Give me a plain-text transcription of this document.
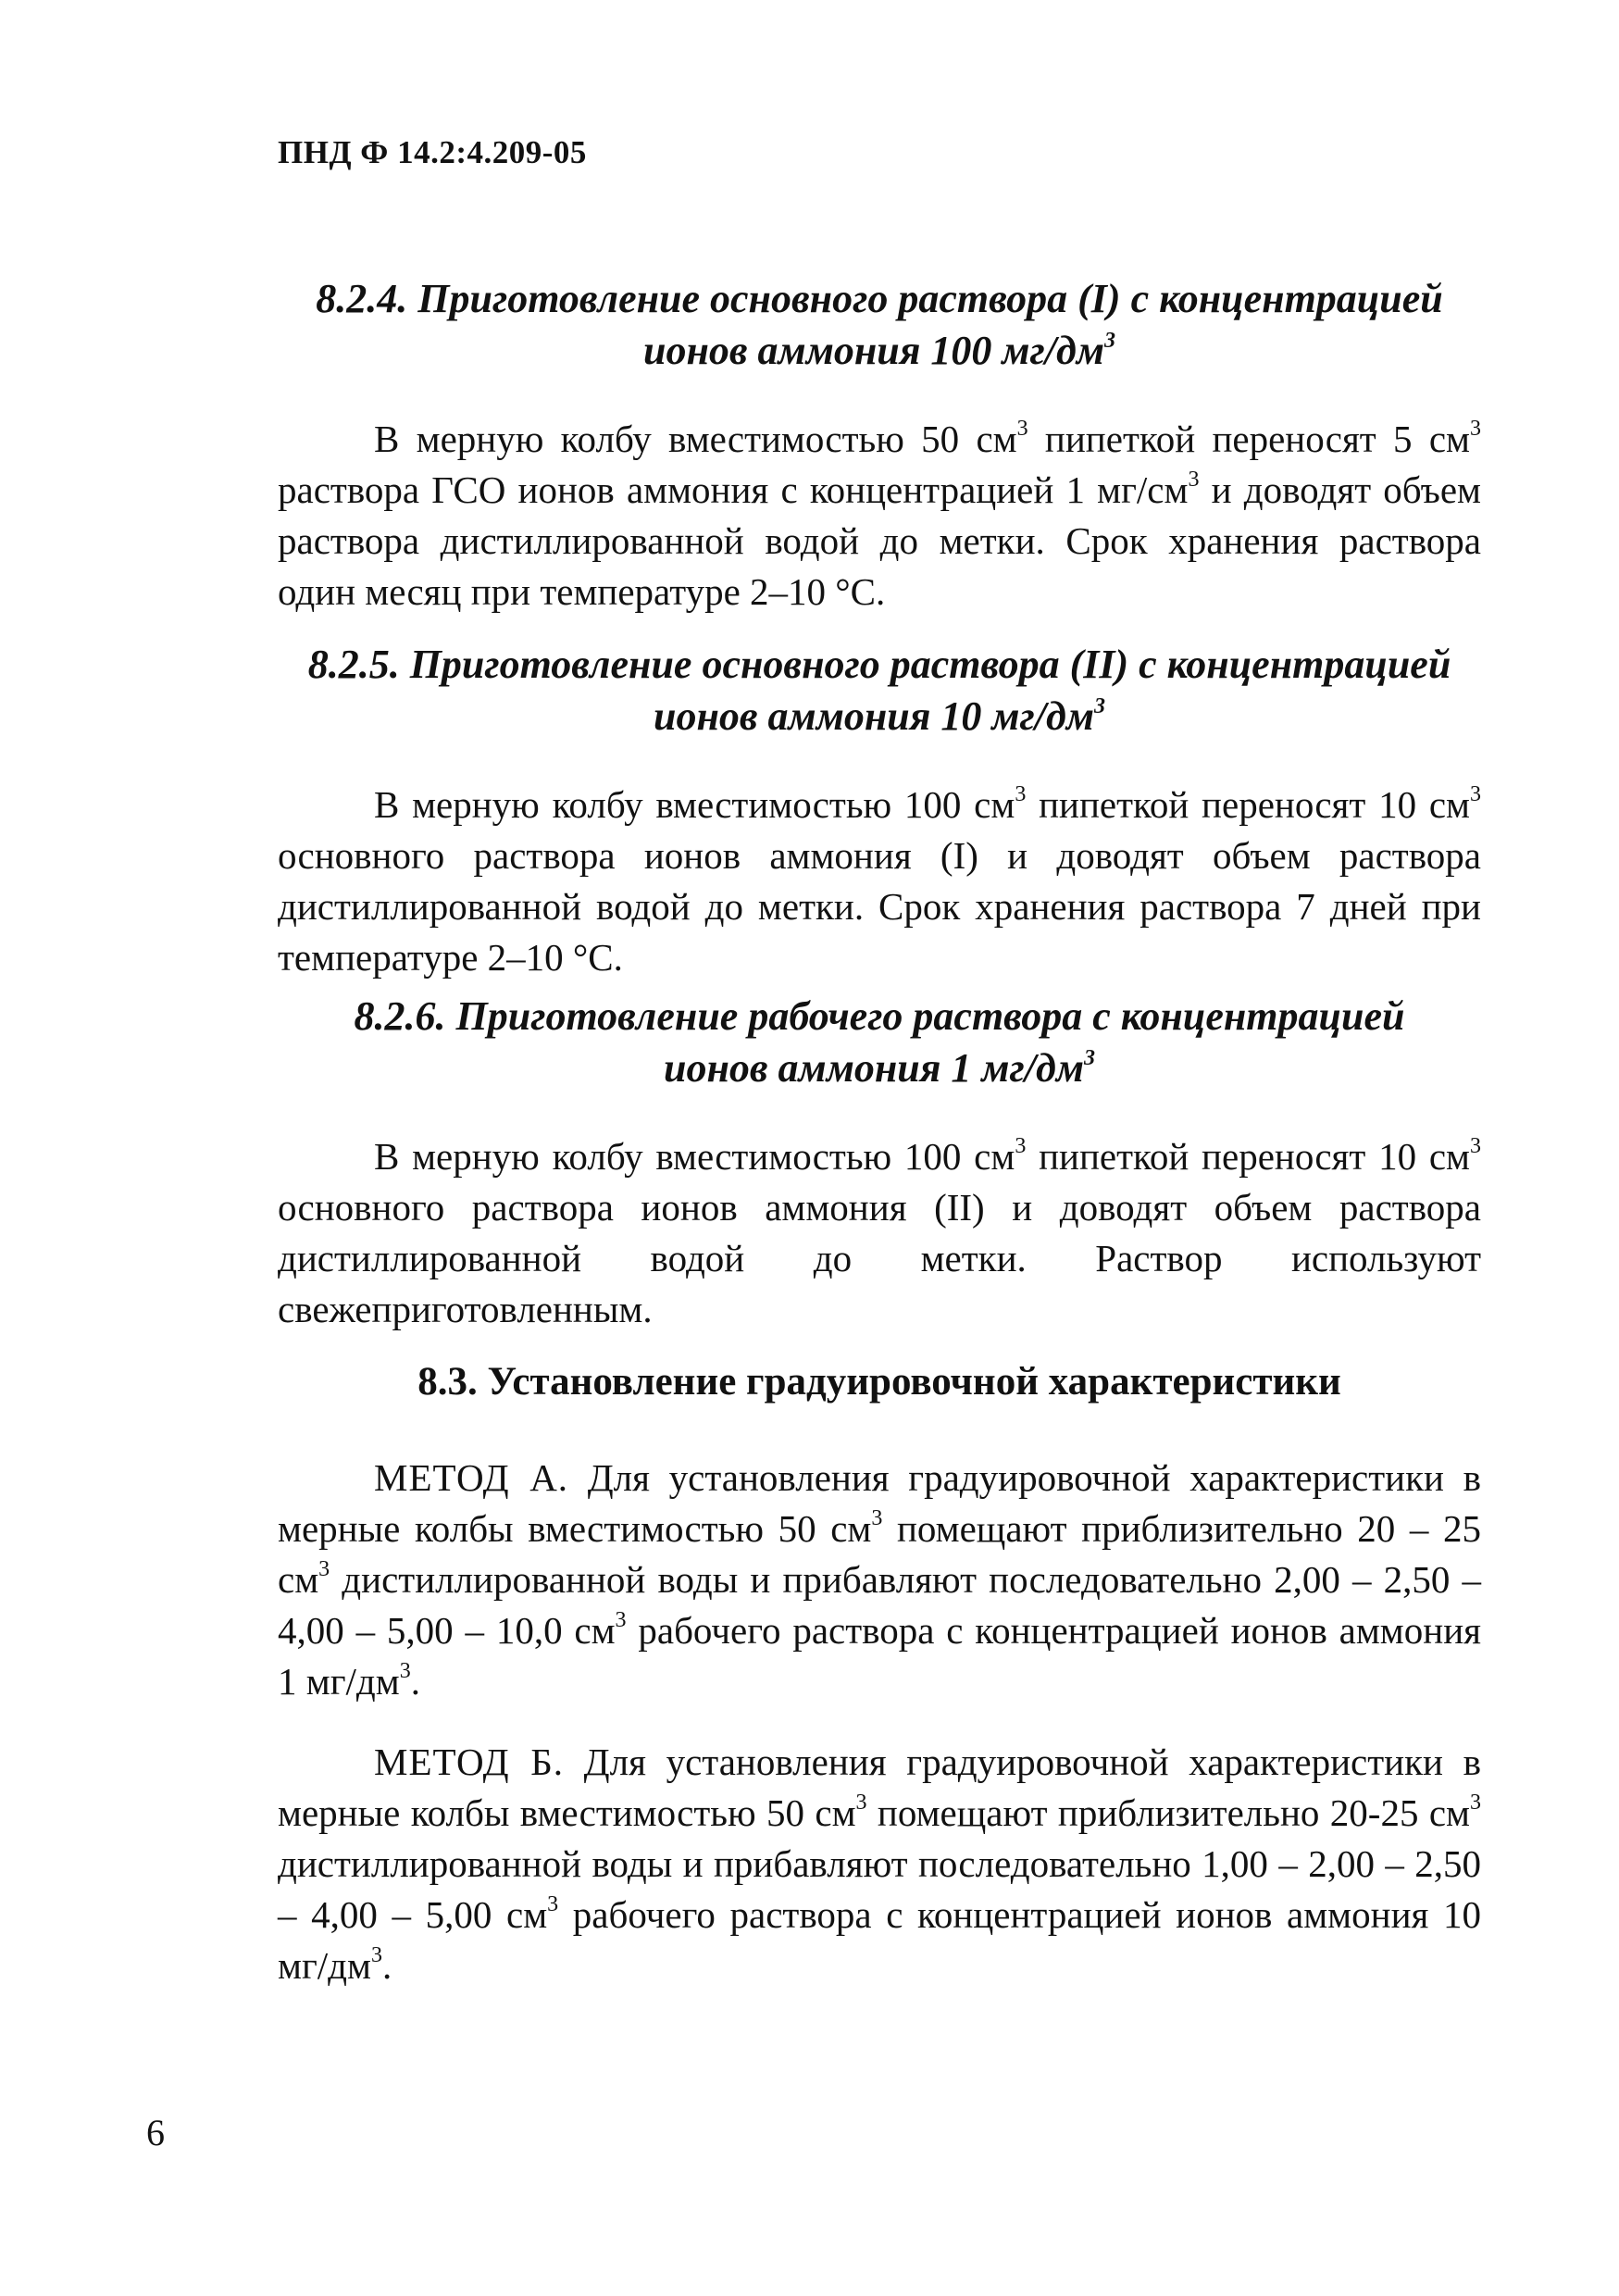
ПНД Ф 14.2:4.209-05
8.2.4. Приготовление основного раствора (I) с концентрацией
ионов аммония 100 $мг/дм^3$

В мерную колбу вместимостью 50 $см^3$ пипеткой переносят 5 $см^3$ раствора ГСО ионов аммония с концентрацией 1 $мг/см^3$ и доводят объем раствора дистиллированной водой до метки. Срок хранения раствора один месяц при температуре 2–10 °С.

8.2.5. Приготовление основного раствора (II) с концентрацией
ионов аммония 10 $мг/дм^3$

В мерную колбу вместимостью 100 $см^3$ пипеткой переносят 10 $см^3$ основного раствора ионов аммония (I) и доводят объем раствора дистиллированной водой до метки. Срок хранения раствора 7 дней при температуре 2–10 °С.

8.2.6. Приготовление рабочего раствора с концентрацией
ионов аммония 1 $мг/дм^3$

В мерную колбу вместимостью 100 $см^3$ пипеткой переносят 10 $см^3$ основного раствора ионов аммония (II) и доводят объем раствора дистиллированной водой до метки. Раствор используют свежеприготовленным.

8.3. Установление градуировочной характеристики

МЕТОД А. Для установления градуировочной характеристики в мерные колбы вместимостью 50 $см^3$ помещают приблизительно 20 – 25 $см^3$ дистиллированной воды и прибавляют последовательно 2,00 – 2,50 – 4,00 – 5,00 – 10,0 $см^3$ рабочего раствора с концентрацией ионов аммония 1 $мг/дм^3$.

МЕТОД Б. Для установления градуировочной характеристики в мерные колбы вместимостью 50 $см^3$ помещают приблизительно 20-25 $см^3$ дистиллированной воды и прибавляют последовательно 1,00 – 2,00 – 2,50 – 4,00 – 5,00 $см^3$ рабочего раствора с концентрацией ионов аммония 10 $мг/дм^3$.

6
